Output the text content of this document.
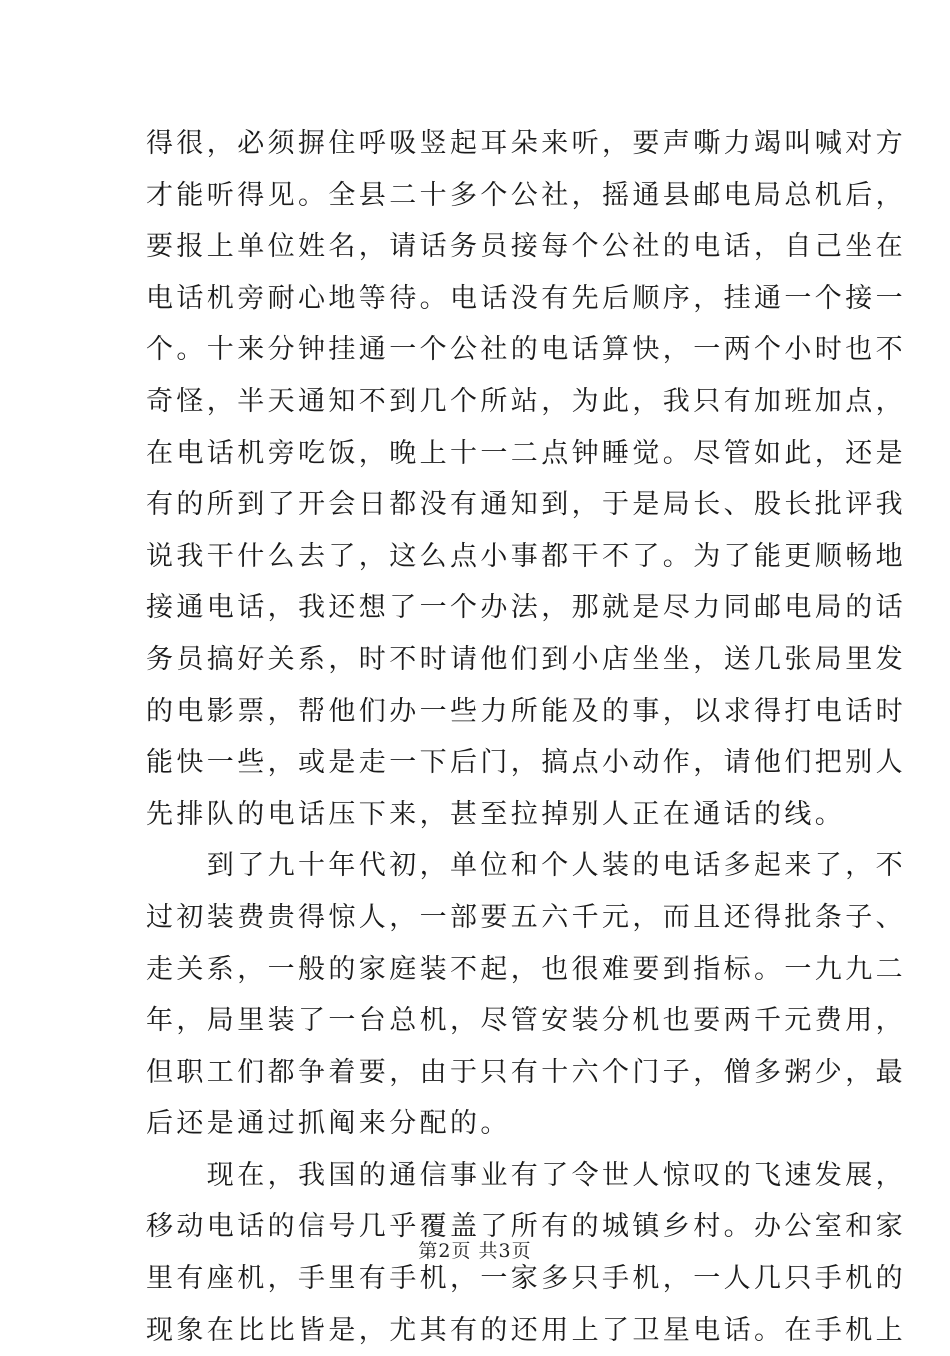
得很，必须摒住呼吸竖起耳朵来听，要声嘶力竭叫喊对方
才能听得见。全县二十多个公社，摇通县邮电局总机后，
要报上单位姓名，请话务员接每个公社的电话，自己坐在
电话机旁耐心地等待。电话没有先后顺序，挂通一个接一
个。十来分钟挂通一个公社的电话算快，一两个小时也不
奇怪，半天通知不到几个所站，为此，我只有加班加点，
在电话机旁吃饭，晚上十一二点钟睡觉。尽管如此，还是
有的所到了开会日都没有通知到，于是局长、股长批评我
说我干什么去了，这么点小事都干不了。为了能更顺畅地
接通电话，我还想了一个办法，那就是尽力同邮电局的话
务员搞好关系，时不时请他们到小店坐坐，送几张局里发
的电影票，帮他们办一些力所能及的事，以求得打电话时
能快一些，或是走一下后门，搞点小动作，请他们把别人
先排队的电话压下来，甚至拉掉别人正在通话的线。
　　到了九十年代初，单位和个人装的电话多起来了，不
过初装费贵得惊人，一部要五六千元，而且还得批条子、
走关系，一般的家庭装不起，也很难要到指标。一九九二
年，局里装了一台总机，尽管安装分机也要两千元费用，
但职工们都争着要，由于只有十六个门子，僧多粥少，最
后还是通过抓阄来分配的。
　　现在，我国的通信事业有了令世人惊叹的飞速发展，
移动电话的信号几乎覆盖了所有的城镇乡村。办公室和家
里有座机，手里有手机，一家多只手机，一人几只手机的
现象在比比皆是，尤其有的还用上了卫星电话。在手机上
第2页 共3页
